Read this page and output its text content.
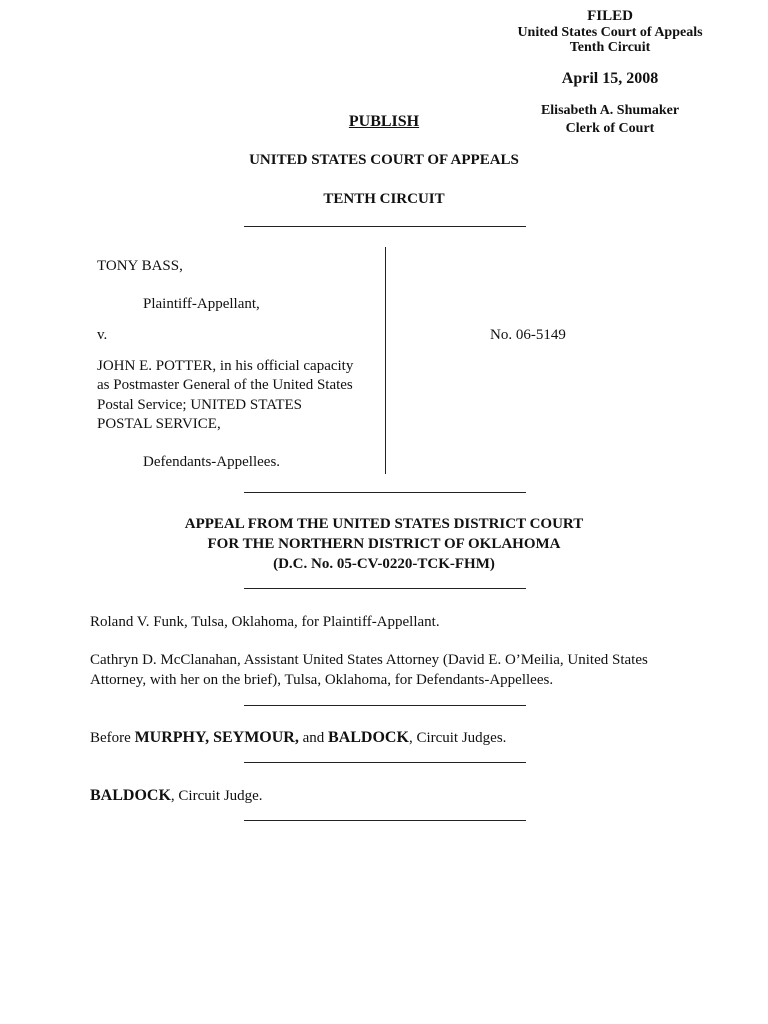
FILED
United States Court of Appeals
Tenth Circuit
April 15, 2008
Elisabeth A. Shumaker
Clerk of Court
PUBLISH
UNITED STATES COURT OF APPEALS
TENTH CIRCUIT
TONY BASS,
Plaintiff-Appellant,
v.
JOHN E. POTTER, in his official capacity
as Postmaster General of the United States
Postal Service; UNITED STATES
POSTAL SERVICE,
Defendants-Appellees.
No. 06-5149
APPEAL FROM THE UNITED STATES DISTRICT COURT
FOR THE NORTHERN DISTRICT OF OKLAHOMA
(D.C. No. 05-CV-0220-TCK-FHM)
Roland V. Funk, Tulsa, Oklahoma, for Plaintiff-Appellant.
Cathryn D. McClanahan, Assistant United States Attorney (David E. O’Meilia, United States
Attorney, with her on the brief), Tulsa, Oklahoma, for Defendants-Appellees.
Before MURPHY, SEYMOUR, and BALDOCK, Circuit Judges.
BALDOCK, Circuit Judge.
